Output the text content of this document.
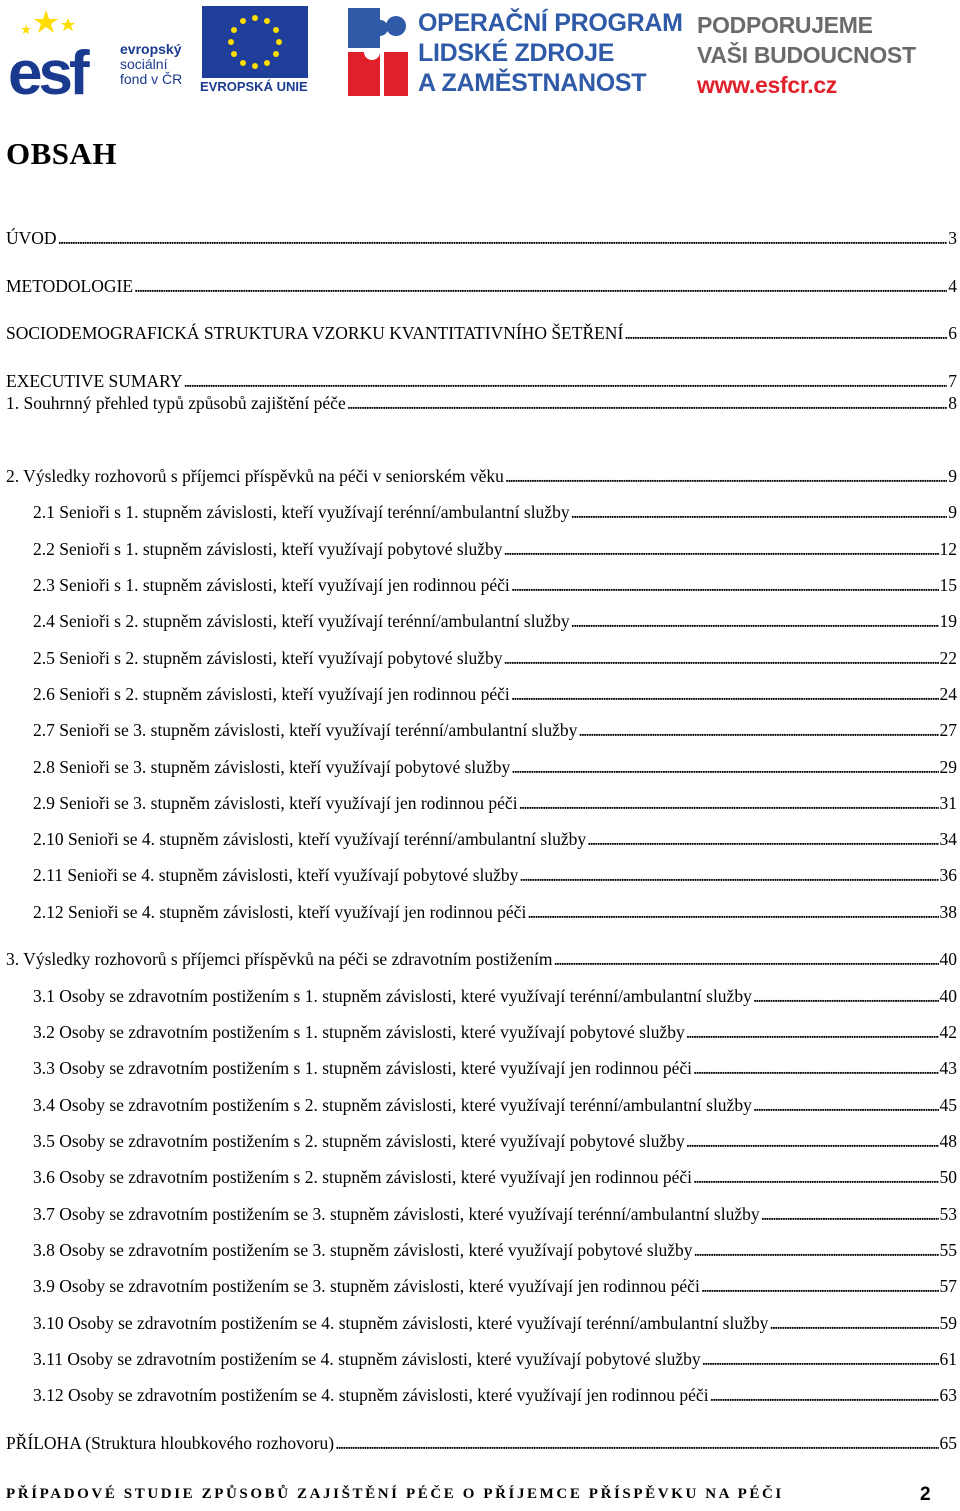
esf	evropský
sociální
fond v ČR EVROPSKÁ UNIE
OPERAČNÍ PROGRAM
LIDSKÉ ZDROJE
A ZAMĚSTNANOST
PODPORUJEME
VAŠI BUDOUCNOST
www.esfcr.cz
OBSAH
ÚVOD . . .	3
METODOLOGIE . . .	4
SOCIODEMOGRAFICKÁ STRUKTURA VZORKU KVANTITATIVNÍHO ŠETŘENÍ . . .	6
EXECUTIVE SUMARY . . .	7
1. Souhrnný přehled typů způsobů zajištění péče . . .	8
2. Výsledky rozhovorů s příjemci příspěvků na péči v seniorském věku . . .	9
2.1 Senioři s 1. stupněm závislosti, kteří využívají terénní/ambulantní služby . . .	9
2.2 Senioři s 1. stupněm závislosti, kteří využívají pobytové služby . . .	12
2.3 Senioři s 1. stupněm závislosti, kteří využívají jen rodinnou péči . . .	15
2.4 Senioři s 2. stupněm závislosti, kteří využívají terénní/ambulantní služby . . .	19
2.5 Senioři s 2. stupněm závislosti, kteří využívají pobytové služby . . .	22
2.6 Senioři s 2. stupněm závislosti, kteří využívají jen rodinnou péči . . .	24
2.7 Senioři se 3. stupněm závislosti, kteří využívají terénní/ambulantní služby . . .	27
2.8 Senioři se 3. stupněm závislosti, kteří využívají pobytové služby . . .	29
2.9 Senioři se 3. stupněm závislosti, kteří využívají jen rodinnou péči . . .	31
2.10 Senioři se 4. stupněm závislosti, kteří využívají terénní/ambulantní služby . . .	34
2.11 Senioři se 4. stupněm závislosti, kteří využívají pobytové služby . . .	36
2.12 Senioři se 4. stupněm závislosti, kteří využívají jen rodinnou péči . . .	38
3. Výsledky rozhovorů s příjemci příspěvků na péči se zdravotním postižením . . .	40
3.1 Osoby se zdravotním postižením s 1. stupněm závislosti, které využívají terénní/ambulantní služby . . .	40
3.2 Osoby se zdravotním postižením s 1. stupněm závislosti, které využívají pobytové služby . . .	42
3.3 Osoby se zdravotním postižením s 1. stupněm závislosti, které využívají jen rodinnou péči . . .	43
3.4 Osoby se zdravotním postižením s 2. stupněm závislosti, které využívají terénní/ambulantní služby . . .	45
3.5 Osoby se zdravotním postižením s 2. stupněm závislosti, které využívají pobytové služby . . .	48
3.6 Osoby se zdravotním postižením s 2. stupněm závislosti, které využívají jen rodinnou péči . . .	50
3.7 Osoby se zdravotním postižením se 3. stupněm závislosti, které využívají terénní/ambulantní služby . . .	53
3.8 Osoby se zdravotním postižením se 3. stupněm závislosti, které využívají pobytové služby . . .	55
3.9 Osoby se zdravotním postižením se 3. stupněm závislosti, které využívají jen rodinnou péči . . .	57
3.10 Osoby se zdravotním postižením se 4. stupněm závislosti, které využívají terénní/ambulantní služby . . .	59
3.11 Osoby se zdravotním postižením se 4. stupněm závislosti, které využívají pobytové služby . . .	61
3.12 Osoby se zdravotním postižením se 4. stupněm závislosti, které využívají jen rodinnou péči . . .	63
PŘÍLOHA (Struktura hloubkového rozhovoru) . . .	65
PŘÍPADOVÉ STUDIE ZPŮSOBŮ ZAJIŠTĚNÍ PÉČE O PŘÍJEMCE PŘÍSPĚVKU NA PÉČI	2
